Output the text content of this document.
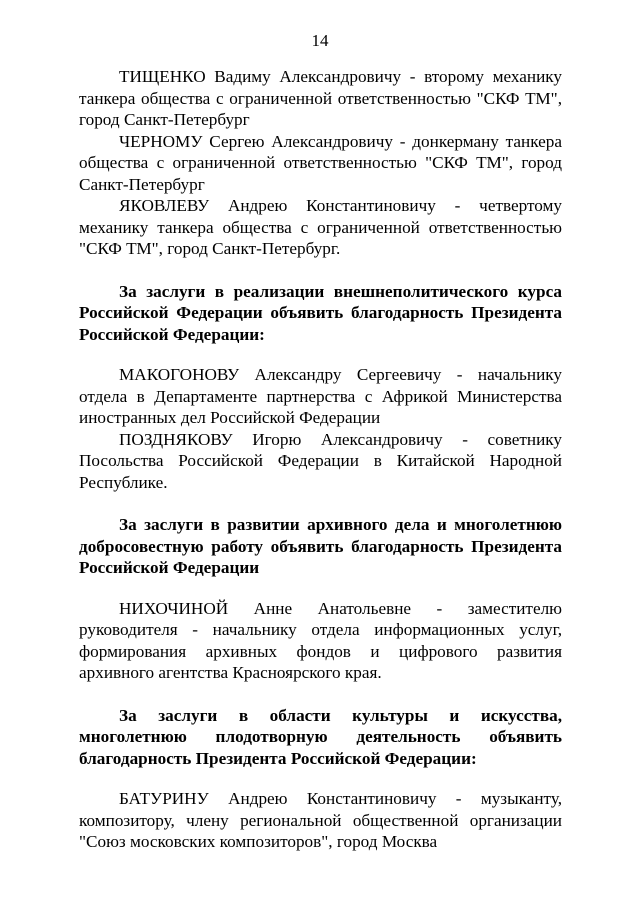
14

ТИЩЕНКО Вадиму Александровичу - второму механику танкера общества с ограниченной ответственностью "СКФ ТМ", город Санкт-Петербург

ЧЕРНОМУ Сергею Александровичу - донкерману танкера общества с ограниченной ответственностью "СКФ ТМ", город Санкт-Петербург

ЯКОВЛЕВУ Андрею Константиновичу - четвертому механику танкера общества с ограниченной ответственностью "СКФ ТМ", город Санкт-Петербург.

За заслуги в реализации внешнеполитического курса Российской Федерации объявить благодарность Президента Российской Федерации:

МАКОГОНОВУ Александру Сергеевичу - начальнику отдела в Департаменте партнерства с Африкой Министерства иностранных дел Российской Федерации

ПОЗДНЯКОВУ Игорю Александровичу - советнику Посольства Российской Федерации в Китайской Народной Республике.

За заслуги в развитии архивного дела и многолетнюю добросовестную работу объявить благодарность Президента Российской Федерации

НИХОЧИНОЙ Анне Анатольевне - заместителю руководителя - начальнику отдела информационных услуг, формирования архивных фондов и цифрового развития архивного агентства Красноярского края.

За заслуги в области культуры и искусства, многолетнюю плодотворную деятельность объявить благодарность Президента Российской Федерации:

БАТУРИНУ Андрею Константиновичу - музыканту, композитору, члену региональной общественной организации "Союз московских композиторов", город Москва
